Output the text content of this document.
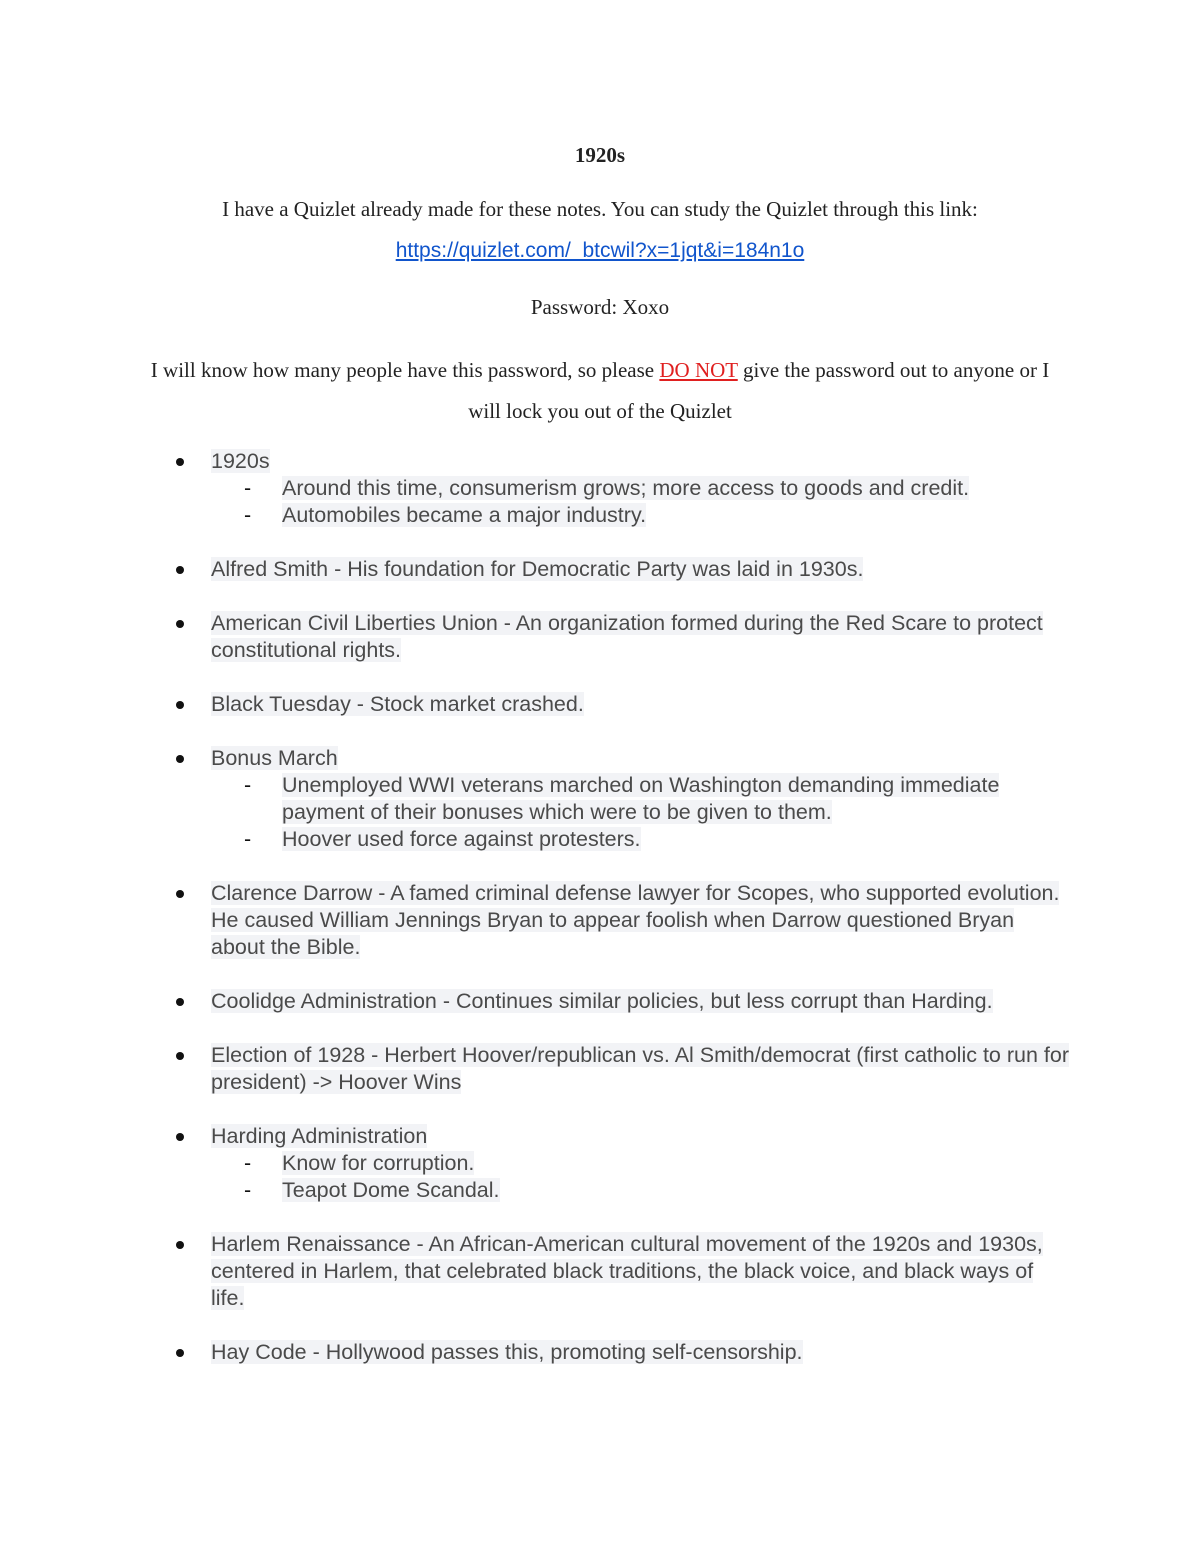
1920s
I have a Quizlet already made for these notes. You can study the Quizlet through this link:
https://quizlet.com/_btcwil?x=1jqt&i=184n1o
Password: Xoxo
I will know how many people have this password, so please DO NOT give the password out to anyone or I will lock you out of the Quizlet
1920s
- Around this time, consumerism grows; more access to goods and credit.
- Automobiles became a major industry.
Alfred Smith - His foundation for Democratic Party was laid in 1930s.
American Civil Liberties Union - An organization formed during the Red Scare to protect constitutional rights.
Black Tuesday - Stock market crashed.
Bonus March
- Unemployed WWI veterans marched on Washington demanding immediate payment of their bonuses which were to be given to them.
- Hoover used force against protesters.
Clarence Darrow - A famed criminal defense lawyer for Scopes, who supported evolution. He caused William Jennings Bryan to appear foolish when Darrow questioned Bryan about the Bible.
Coolidge Administration - Continues similar policies, but less corrupt than Harding.
Election of 1928 - Herbert Hoover/republican vs. Al Smith/democrat (first catholic to run for president) -> Hoover Wins
Harding Administration
- Know for corruption.
- Teapot Dome Scandal.
Harlem Renaissance - An African-American cultural movement of the 1920s and 1930s, centered in Harlem, that celebrated black traditions, the black voice, and black ways of life.
Hay Code - Hollywood passes this, promoting self-censorship.
